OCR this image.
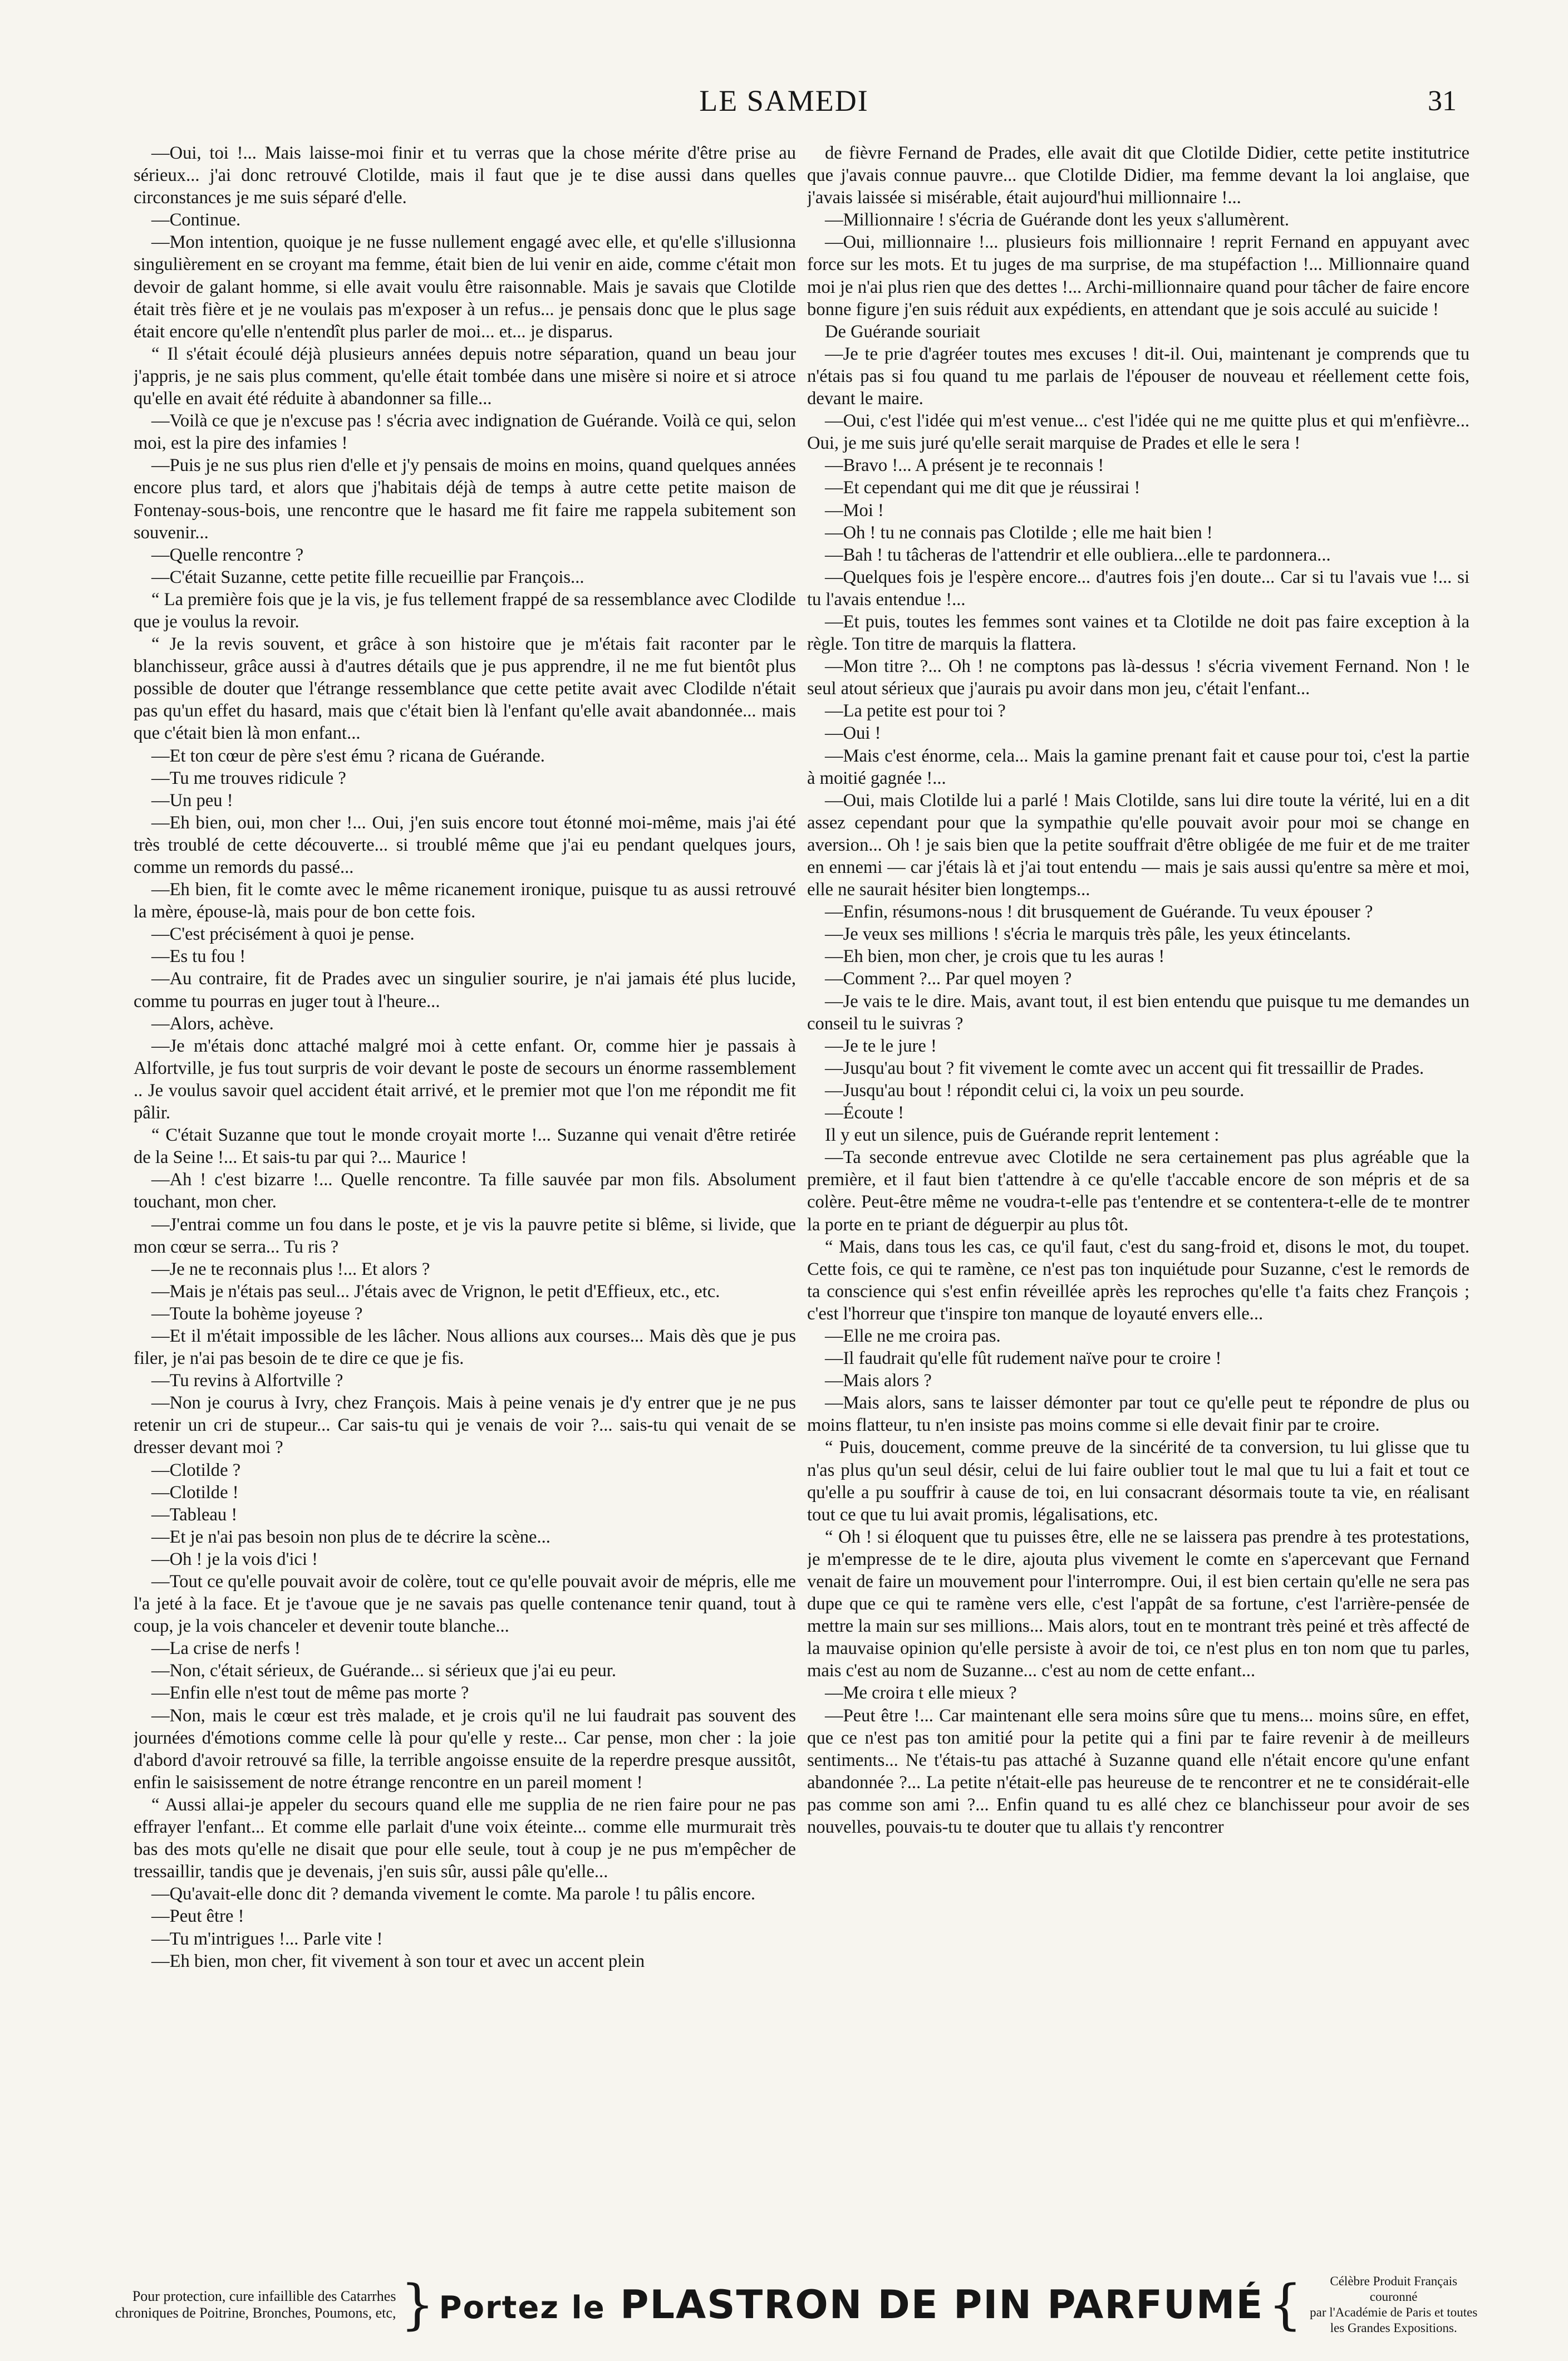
LE SAMEDI	31

—Oui, toi !... Mais laisse-moi finir et tu verras que la chose mérite d'être prise au sérieux... j'ai donc retrouvé Clotilde, mais il faut que je te dise aussi dans quelles circonstances je me suis séparé d'elle.

—Continue.

—Mon intention, quoique je ne fusse nullement engagé avec elle, et qu'elle s'illusionna singulièrement en se croyant ma femme, était bien de lui venir en aide, comme c'était mon devoir de galant homme, si elle avait voulu être raisonnable. Mais je savais que Clotilde était très fière et je ne voulais pas m'exposer à un refus... je pensais donc que le plus sage était encore qu'elle n'entendît plus parler de moi... et... je disparus.

“ Il s'était écoulé déjà plusieurs années depuis notre séparation, quand un beau jour j'appris, je ne sais plus comment, qu'elle était tombée dans une misère si noire et si atroce qu'elle en avait été réduite à abandonner sa fille...

—Voilà ce que je n'excuse pas ! s'écria avec indignation de Guérande. Voilà ce qui, selon moi, est la pire des infamies !

—Puis je ne sus plus rien d'elle et j'y pensais de moins en moins, quand quelques années encore plus tard, et alors que j'habitais déjà de temps à autre cette petite maison de Fontenay-sous-bois, une rencontre que le hasard me fit faire me rappela subitement son souvenir...

—Quelle rencontre ?

—C'était Suzanne, cette petite fille recueillie par François...

“ La première fois que je la vis, je fus tellement frappé de sa ressemblance avec Clodilde que je voulus la revoir.

“ Je la revis souvent, et grâce à son histoire que je m'étais fait raconter par le blanchisseur, grâce aussi à d'autres détails que je pus apprendre, il ne me fut bientôt plus possible de douter que l'étrange ressemblance que cette petite avait avec Clodilde n'était pas qu'un effet du hasard, mais que c'était bien là l'enfant qu'elle avait abandonnée... mais que c'était bien là mon enfant...

—Et ton cœur de père s'est ému ? ricana de Guérande.

—Tu me trouves ridicule ?

—Un peu !

—Eh bien, oui, mon cher !... Oui, j'en suis encore tout étonné moi-même, mais j'ai été très troublé de cette découverte... si troublé même que j'ai eu pendant quelques jours, comme un remords du passé...

—Eh bien, fit le comte avec le même ricanement ironique, puisque tu as aussi retrouvé la mère, épouse-là, mais pour de bon cette fois.

—C'est précisément à quoi je pense.

—Es tu fou !

—Au contraire, fit de Prades avec un singulier sourire, je n'ai jamais été plus lucide, comme tu pourras en juger tout à l'heure...

—Alors, achève.

—Je m'étais donc attaché malgré moi à cette enfant. Or, comme hier je passais à Alfortville, je fus tout surpris de voir devant le poste de secours un énorme rassemblement .. Je voulus savoir quel accident était arrivé, et le premier mot que l'on me répondit me fit pâlir.

“ C'était Suzanne que tout le monde croyait morte !... Suzanne qui venait d'être retirée de la Seine !... Et sais-tu par qui ?... Maurice !

—Ah ! c'est bizarre !... Quelle rencontre. Ta fille sauvée par mon fils. Absolument touchant, mon cher.

—J'entrai comme un fou dans le poste, et je vis la pauvre petite si blême, si livide, que mon cœur se serra... Tu ris ?

—Je ne te reconnais plus !... Et alors ?

—Mais je n'étais pas seul... J'étais avec de Vrignon, le petit d'Effieux, etc., etc.

—Toute la bohème joyeuse ?

—Et il m'était impossible de les lâcher. Nous allions aux courses... Mais dès que je pus filer, je n'ai pas besoin de te dire ce que je fis.

—Tu revins à Alfortville ?

—Non je courus à Ivry, chez François. Mais à peine venais je d'y entrer que je ne pus retenir un cri de stupeur... Car sais-tu qui je venais de voir ?... sais-tu qui venait de se dresser devant moi ?

—Clotilde ?

—Clotilde !

—Tableau !

—Et je n'ai pas besoin non plus de te décrire la scène...

—Oh ! je la vois d'ici !

—Tout ce qu'elle pouvait avoir de colère, tout ce qu'elle pouvait avoir de mépris, elle me l'a jeté à la face. Et je t'avoue que je ne savais pas quelle contenance tenir quand, tout à coup, je la vois chanceler et devenir toute blanche...

—La crise de nerfs !

—Non, c'était sérieux, de Guérande... si sérieux que j'ai eu peur.

—Enfin elle n'est tout de même pas morte ?

—Non, mais le cœur est très malade, et je crois qu'il ne lui faudrait pas souvent des journées d'émotions comme celle là pour qu'elle y reste... Car pense, mon cher : la joie d'abord d'avoir retrouvé sa fille, la terrible angoisse ensuite de la reperdre presque aussitôt, enfin le saisissement de notre étrange rencontre en un pareil moment !

“ Aussi allai-je appeler du secours quand elle me supplia de ne rien faire pour ne pas effrayer l'enfant... Et comme elle parlait d'une voix éteinte... comme elle murmurait très bas des mots qu'elle ne disait que pour elle seule, tout à coup je ne pus m'empêcher de tressaillir, tandis que je devenais, j'en suis sûr, aussi pâle qu'elle...

—Qu'avait-elle donc dit ? demanda vivement le comte. Ma parole ! tu pâlis encore.

—Peut être !

—Tu m'intrigues !... Parle vite !

—Eh bien, mon cher, fit vivement à son tour et avec un accent plein

de fièvre Fernand de Prades, elle avait dit que Clotilde Didier, cette petite institutrice que j'avais connue pauvre... que Clotilde Didier, ma femme devant la loi anglaise, que j'avais laissée si misérable, était aujourd'hui millionnaire !...

—Millionnaire ! s'écria de Guérande dont les yeux s'allumèrent.

—Oui, millionnaire !... plusieurs fois millionnaire ! reprit Fernand en appuyant avec force sur les mots. Et tu juges de ma surprise, de ma stupéfaction !... Millionnaire quand moi je n'ai plus rien que des dettes !... Archi-millionnaire quand pour tâcher de faire encore bonne figure j'en suis réduit aux expédients, en attendant que je sois acculé au suicide !

De Guérande souriait

—Je te prie d'agréer toutes mes excuses ! dit-il. Oui, maintenant je comprends que tu n'étais pas si fou quand tu me parlais de l'épouser de nouveau et réellement cette fois, devant le maire.

—Oui, c'est l'idée qui m'est venue... c'est l'idée qui ne me quitte plus et qui m'enfièvre... Oui, je me suis juré qu'elle serait marquise de Prades et elle le sera !

—Bravo !... A présent je te reconnais !

—Et cependant qui me dit que je réussirai !

—Moi !

—Oh ! tu ne connais pas Clotilde ; elle me hait bien !

—Bah ! tu tâcheras de l'attendrir et elle oubliera...elle te pardonnera...

—Quelques fois je l'espère encore... d'autres fois j'en doute... Car si tu l'avais vue !... si tu l'avais entendue !...

—Et puis, toutes les femmes sont vaines et ta Clotilde ne doit pas faire exception à la règle. Ton titre de marquis la flattera.

—Mon titre ?... Oh ! ne comptons pas là-dessus ! s'écria vivement Fernand. Non ! le seul atout sérieux que j'aurais pu avoir dans mon jeu, c'était l'enfant...

—La petite est pour toi ?

—Oui !

—Mais c'est énorme, cela... Mais la gamine prenant fait et cause pour toi, c'est la partie à moitié gagnée !...

—Oui, mais Clotilde lui a parlé ! Mais Clotilde, sans lui dire toute la vérité, lui en a dit assez cependant pour que la sympathie qu'elle pouvait avoir pour moi se change en aversion... Oh ! je sais bien que la petite souffrait d'être obligée de me fuir et de me traiter en ennemi — car j'étais là et j'ai tout entendu — mais je sais aussi qu'entre sa mère et moi, elle ne saurait hésiter bien longtemps...

—Enfin, résumons-nous ! dit brusquement de Guérande. Tu veux épouser ?

—Je veux ses millions ! s'écria le marquis très pâle, les yeux étincelants.

—Eh bien, mon cher, je crois que tu les auras !

—Comment ?... Par quel moyen ?

—Je vais te le dire. Mais, avant tout, il est bien entendu que puisque tu me demandes un conseil tu le suivras ?

—Je te le jure !

—Jusqu'au bout ? fit vivement le comte avec un accent qui fit tressaillir de Prades.

—Jusqu'au bout ! répondit celui ci, la voix un peu sourde.

—Écoute !

Il y eut un silence, puis de Guérande reprit lentement :

—Ta seconde entrevue avec Clotilde ne sera certainement pas plus agréable que la première, et il faut bien t'attendre à ce qu'elle t'accable encore de son mépris et de sa colère. Peut-être même ne voudra-t-elle pas t'entendre et se contentera-t-elle de te montrer la porte en te priant de déguerpir au plus tôt.

“ Mais, dans tous les cas, ce qu'il faut, c'est du sang-froid et, disons le mot, du toupet. Cette fois, ce qui te ramène, ce n'est pas ton inquiétude pour Suzanne, c'est le remords de ta conscience qui s'est enfin réveillée après les reproches qu'elle t'a faits chez François ; c'est l'horreur que t'inspire ton manque de loyauté envers elle...

—Elle ne me croira pas.

—Il faudrait qu'elle fût rudement naïve pour te croire !

—Mais alors ?

—Mais alors, sans te laisser démonter par tout ce qu'elle peut te répondre de plus ou moins flatteur, tu n'en insiste pas moins comme si elle devait finir par te croire.

“ Puis, doucement, comme preuve de la sincérité de ta conversion, tu lui glisse que tu n'as plus qu'un seul désir, celui de lui faire oublier tout le mal que tu lui a fait et tout ce qu'elle a pu souffrir à cause de toi, en lui consacrant désormais toute ta vie, en réalisant tout ce que tu lui avait promis, légalisations, etc.

“ Oh ! si éloquent que tu puisses être, elle ne se laissera pas prendre à tes protestations, je m'empresse de te le dire, ajouta plus vivement le comte en s'apercevant que Fernand venait de faire un mouvement pour l'interrompre. Oui, il est bien certain qu'elle ne sera pas dupe que ce qui te ramène vers elle, c'est l'appât de sa fortune, c'est l'arrière-pensée de mettre la main sur ses millions... Mais alors, tout en te montrant très peiné et très affecté de la mauvaise opinion qu'elle persiste à avoir de toi, ce n'est plus en ton nom que tu parles, mais c'est au nom de Suzanne... c'est au nom de cette enfant...

—Me croira t elle mieux ?

—Peut être !... Car maintenant elle sera moins sûre que tu mens... moins sûre, en effet, que ce n'est pas ton amitié pour la petite qui a fini par te faire revenir à de meilleurs sentiments... Ne t'étais-tu pas attaché à Suzanne quand elle n'était encore qu'une enfant abandonnée ?... La petite n'était-elle pas heureuse de te rencontrer et ne te considérait-elle pas comme son ami ?... Enfin quand tu es allé chez ce blanchisseur pour avoir de ses nouvelles, pouvais-tu te douter que tu allais t'y rencontrer

Pour protection, cure infaillible des Catarrhes
chroniques de Poitrine, Bronches, Poumons, etc, } Portez le PLASTRON DE PIN PARFUMÉ {	Célèbre Produit Français couronné
par l'Académie de Paris et toutes
les Grandes Expositions.
